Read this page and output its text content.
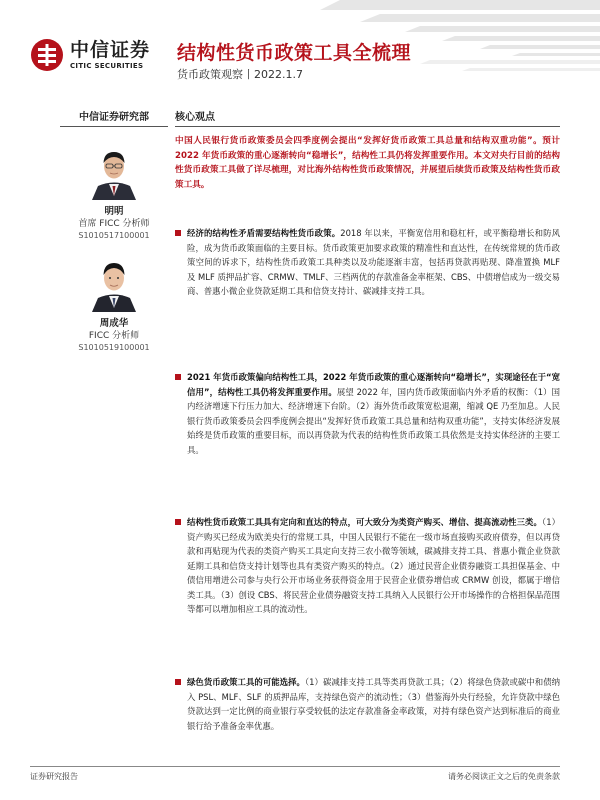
中信证券
CITIC SECURITIES
结构性货币政策工具全梳理
货币政策观察丨2022.1.7
中信证券研究部
明明
首席 FICC 分析师
S1010517100001
周成华
FICC 分析师
S1010519100001
核心观点
中国人民银行货币政策委员会四季度例会提出“发挥好货币政策工具总量和结构双重功能”。预计 2022 年货币政策的重心逐渐转向“稳增长”，结构性工具仍将发挥重要作用。本文对央行目前的结构性货币政策工具做了详尽梳理，对比海外结构性货币政策情况，并展望后续货币政策及结构性货币政策工具。
经济的结构性矛盾需要结构性货币政策。2018 年以来，平衡宽信用和稳杠杆，或平衡稳增长和防风险，成为货币政策面临的主要目标。货币政策更加要求政策的精准性和直达性，在传统常规的货币政策空间的诉求下，结构性货币政策工具种类以及功能逐渐丰富，包括再贷款再贴现、降准置换 MLF 及 MLF 质押品扩容、CRMW、TMLF、三档两优的存款准备金率框架、CBS、中债增信成为一级交易商、普惠小微企业贷款延期工具和信贷支持计、碳减排支持工具。
2021 年货币政策偏向结构性工具，2022 年货币政策的重心逐渐转向“稳增长”，实现途径在于“宽信用”，结构性工具仍将发挥重要作用。展望 2022 年，国内货币政策面临内外矛盾的权衡：（1）国内经济增速下行压力加大、经济增速下台阶。（2）海外货币政策宽松退潮，缩减 QE 乃至加息。人民银行货币政策委员会四季度例会提出“发挥好货币政策工具总量和结构双重功能”，支持实体经济发展始终是货币政策的重要目标，而以再贷款为代表的结构性货币政策工具依然是支持实体经济的主要工具。
结构性货币政策工具具有定向和直达的特点，可大致分为类资产购买、增信、提高流动性三类。（1）资产购买已经成为欧美央行的常规工具，中国人民银行不能在一级市场直接购买政府债券，但以再贷款和再贴现为代表的类资产购买工具定向支持三农小微等领域，碳减排支持工具、普惠小微企业贷款延期工具和信贷支持计划等也具有类资产购买的特点。（2）通过民营企业债券融资工具担保基金、中债信用增进公司参与央行公开市场业务获得资金用于民营企业债券增信或 CRMW 创设，都属于增信类工具。（3）创设 CBS、将民营企业债券融资支持工具纳入人民银行公开市场操作的合格担保品范围等都可以增加相应工具的流动性。
绿色货币政策工具的可能选择。（1）碳减排支持工具等类再贷款工具；（2）将绿色贷款或碳中和债纳入 PSL、MLF、SLF 的质押品库，支持绿色资产的流动性；（3）借鉴海外央行经验，允许贷款中绿色贷款达到一定比例的商业银行享受较低的法定存款准备金率政策，对持有绿色资产达到标准后的商业银行给予准备金率优惠。
证券研究报告	请务必阅读正文之后的免责条款
